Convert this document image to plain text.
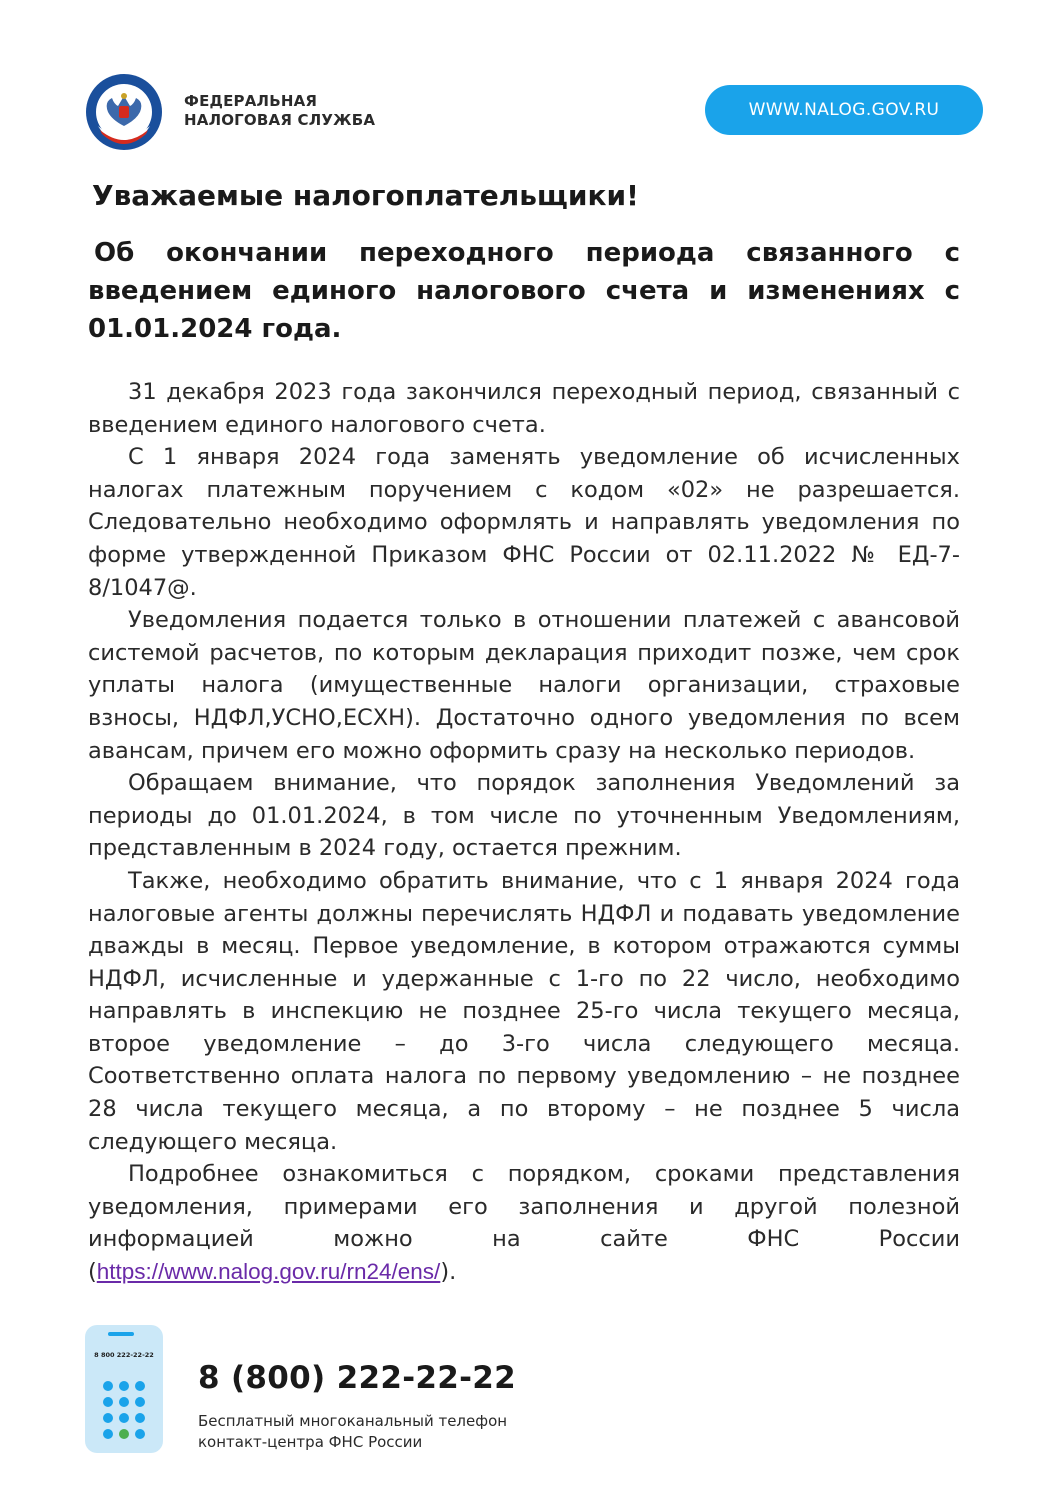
ФЕДЕРАЛЬНАЯ
НАЛОГОВАЯ СЛУЖБА	WWW.NALOG.GOV.RU
Уважаемые налогоплательщики!

Об окончании переходного периода связанного с введением единого налогового счета и изменениях с 01.01.2024 года.

31 декабря 2023 года закончился переходный период, связанный с введением единого налогового счета.

С 1 января 2024 года заменять уведомление об исчисленных налогах платежным поручением с кодом «02» не разрешается. Следовательно необходимо оформлять и направлять уведомления по форме утвержденной Приказом ФНС России от 02.11.2022 № ЕД-7-8/1047@.

Уведомления подается только в отношении платежей с авансовой системой расчетов, по которым декларация приходит позже, чем срок уплаты налога (имущественные налоги организации, страховые взносы, НДФЛ,УСНО,ЕСХН). Достаточно одного уведомления по всем авансам, причем его можно оформить сразу на несколько периодов.

Обращаем внимание, что порядок заполнения Уведомлений за периоды до 01.01.2024, в том числе по уточненным Уведомлениям, представленным в 2024 году, остается прежним.

Также, необходимо обратить внимание, что с 1 января 2024 года налоговые агенты должны перечислять НДФЛ и подавать уведомление дважды в месяц. Первое уведомление, в котором отражаются суммы НДФЛ, исчисленные и удержанные с 1-го по 22 число, необходимо направлять в инспекцию не позднее 25-го числа текущего месяца, второе уведомление – до 3-го числа следующего месяца. Соответственно оплата налога по первому уведомлению – не позднее 28 числа текущего месяца, а по второму – не позднее 5 числа следующего месяца.

Подробнее ознакомиться с порядком, сроками представления уведомления, примерами его заполнения и другой полезной информацией можно на сайте ФНС России (https://www.nalog.gov.ru/rn24/ens/).

8 800 222-22-22
8 (800) 222-22-22
Бесплатный многоканальный телефон
контакт-центра ФНС России
